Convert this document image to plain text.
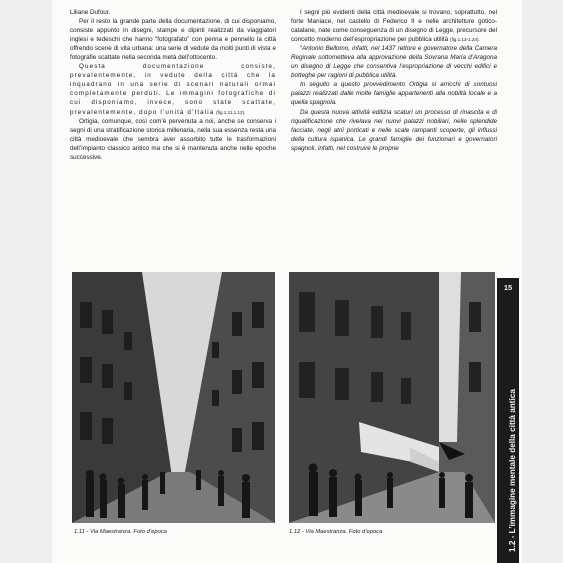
Liliane Dufour.

Per il resto la grande parte della documentazione, di cui disponiamo, consiste appunto in disegni, stampe e dipinti realizzati da viaggiatori inglesi e tedeschi che hanno “fotografato” con penna e pennello la città offrendo scene di vita urbana: una serie di vedute da molti punti di vista e fotografie scattate nella seconda metà dell’ottocento.

Questa documentazione consiste, prevalentemente, in vedute della città che la inquadrano in una serie di scenari naturali ormai completamente perduti. Le immagini fotografiche di cui disponiamo, invece, sono state scattate, prevalentemente, dopo l’unità d’Italia (fig.1.11,1.12).

Ortigia, comunque, così com’è pervenuta a noi, anche se conserva i segni di una stratificazione storica millenaria, nella sua essenza resta una città medioevale che sembra aver assorbito tutte le trasformazioni dell’impianto classico antico ma che si è mantenuta anche nelle epoche successive.

I segni più evidenti della città medioevale si trovano, soprattutto, nel forte Maniace, nel castello di Federico II e nelle architetture gotico-catalane, nate come conseguenza di un disegno di Legge, precursore del concetto moderno dell’espropriazione per pubblica utilità (fig.1.13-1.24).

“Antonio Bellomo, infatti, nel 1437 rettore e governatore della Camera Reginale sottometteva alla approvazione della Sovrana Maria d’Aragona un disegno di Legge che consentiva l’espropriazione di vecchi edifici e botteghe per ragioni di pubblica utilità.

In seguito a questo provvedimento Ortigia si arricchì di sontuosi palazzi realizzati dalle molte famiglie appartenenti alla nobiltà locale e a quella spagnola.

Da questa nuova attività edilizia scaturì un processo di rinascita e di riqualificazione che rivelava nei nuovi palazzi nobiliari, nelle splendide facciate, negli atrii porticati e nelle scale rampanti scoperte, gli influssi della cultura ispanica. Le grandi famiglie dei funzionari e governatori spagnoli, infatti, nel costruire le proprie

1.11 - Via Maestranza. Foto d’epoca	1.12 - Via Maestranza. Foto d’epoca
15
1.2 - L’immagine mentale della città antica
